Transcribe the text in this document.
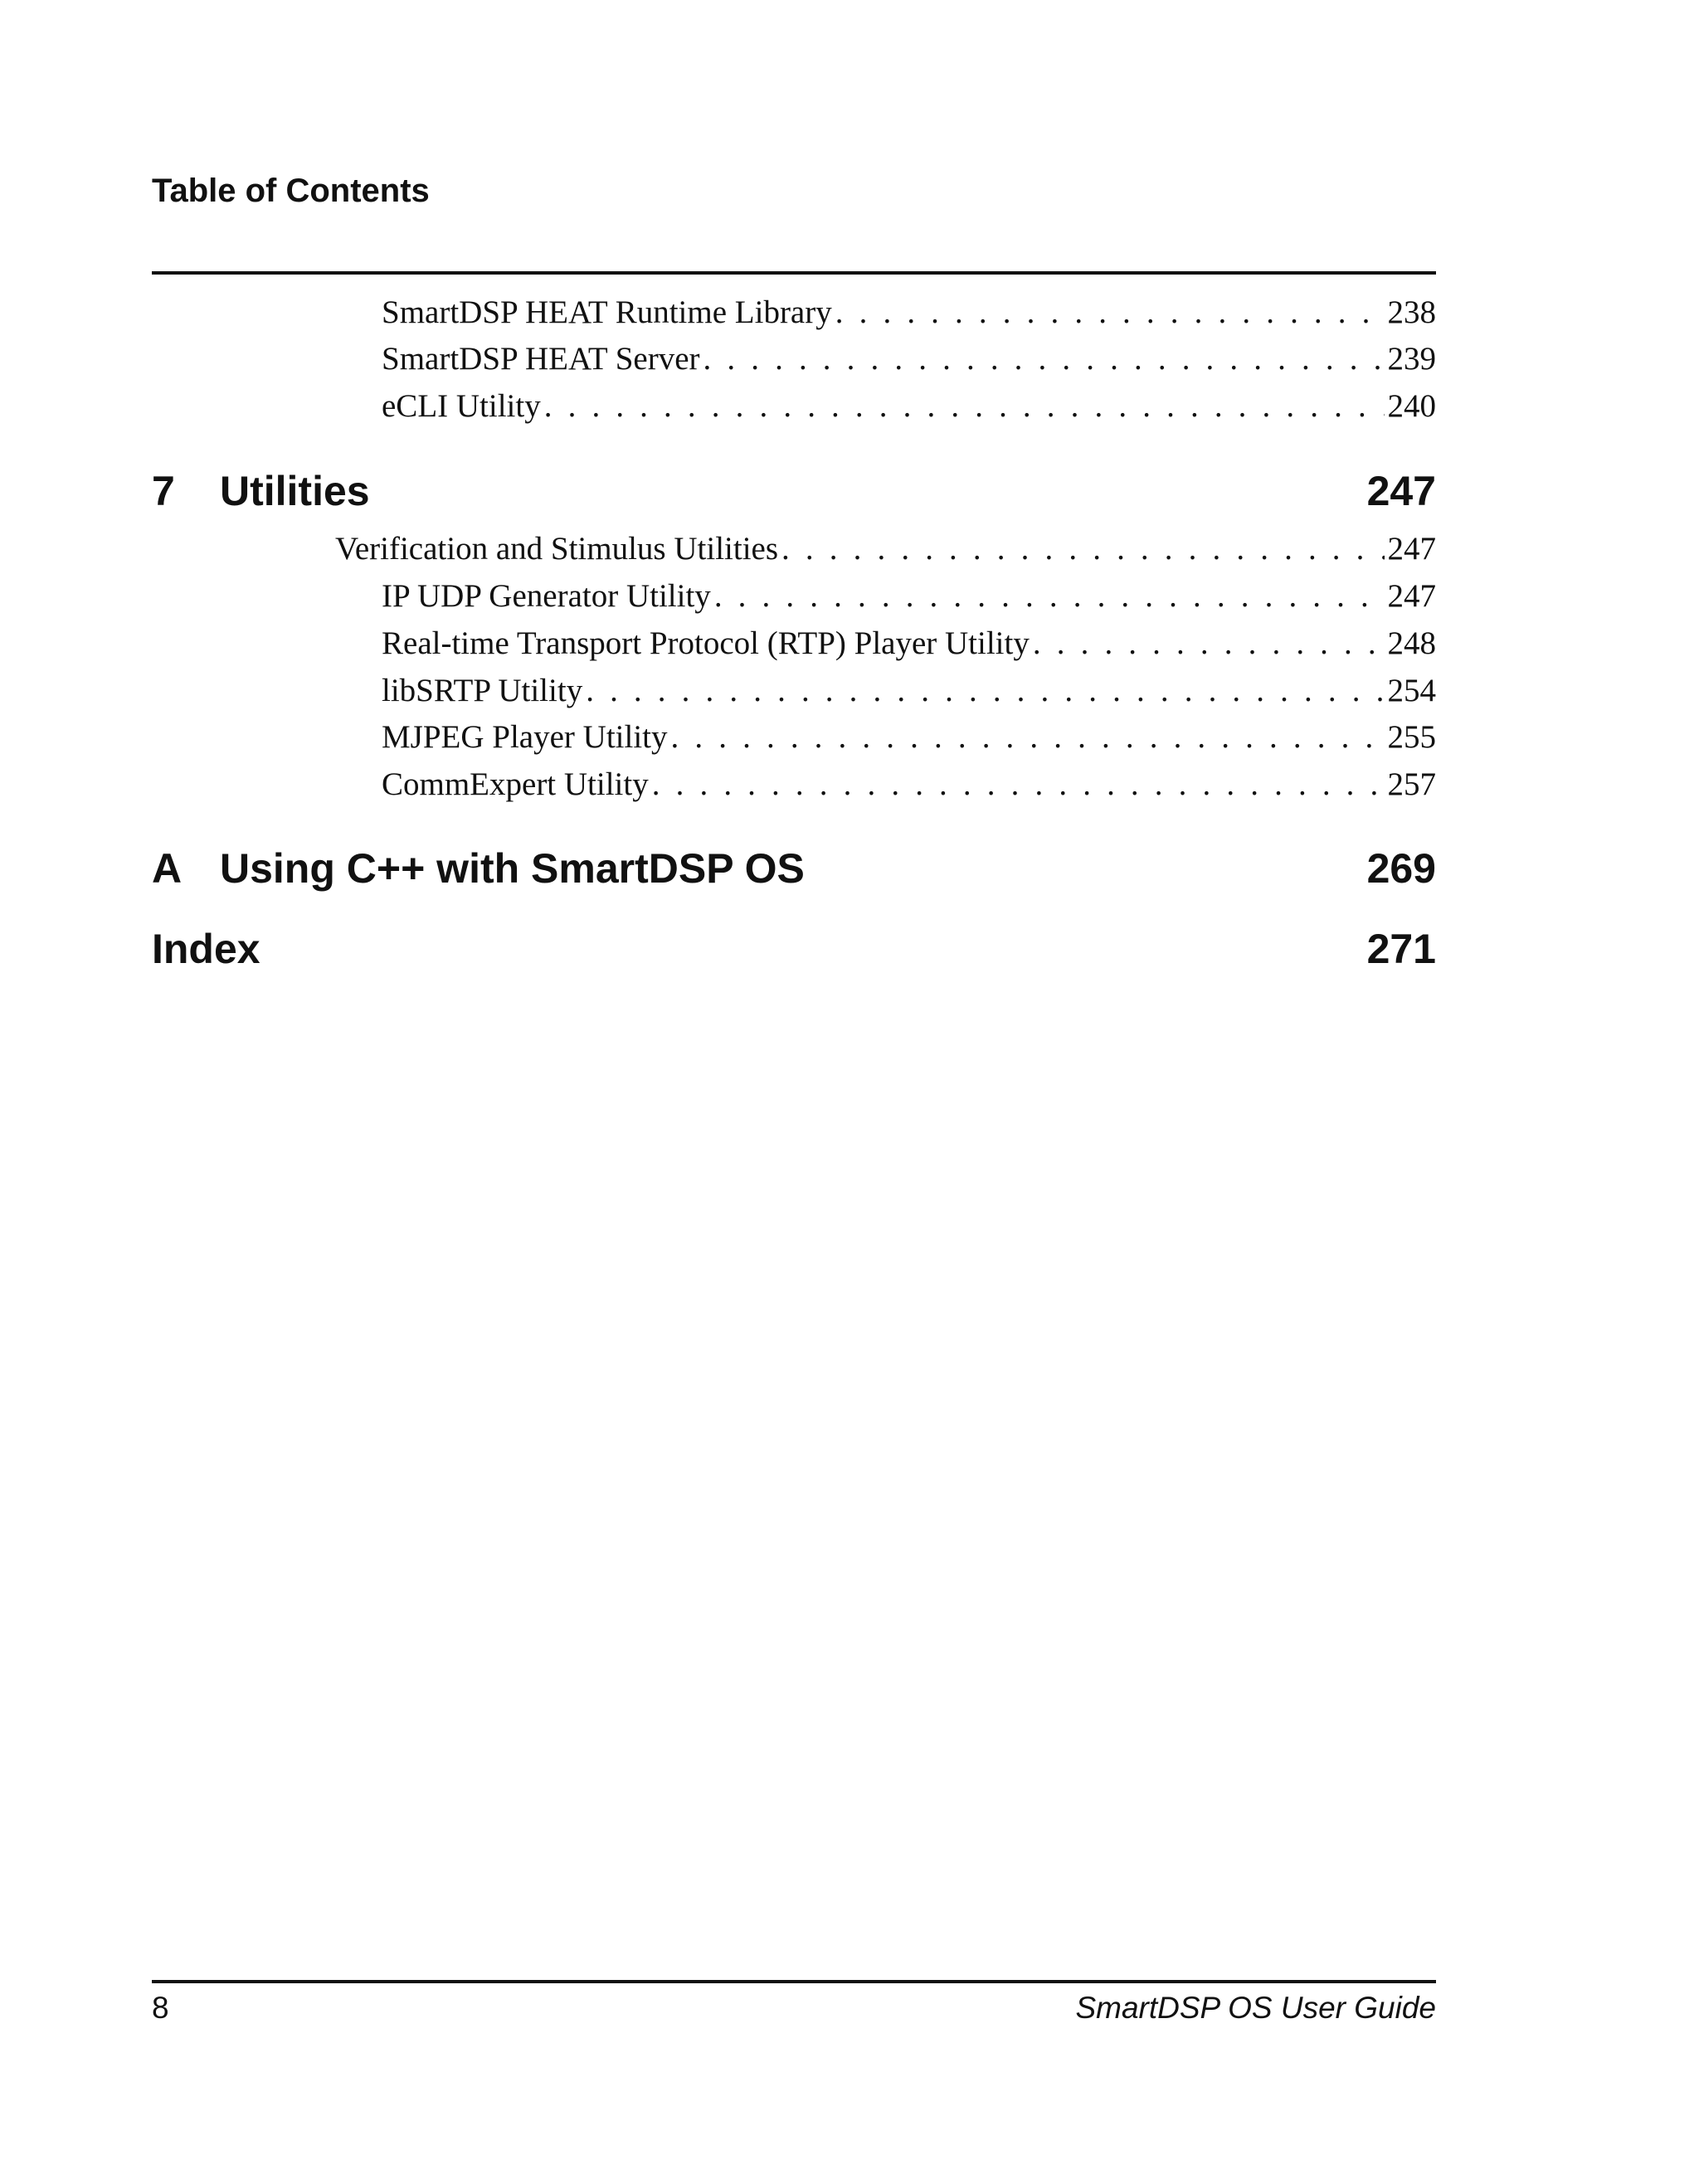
Table of Contents
SmartDSP HEAT Runtime Library . . .	238
SmartDSP HEAT Server . . .	239
eCLI Utility . . .	240
7	Utilities	247
Verification and Stimulus Utilities . . .	247
IP UDP Generator Utility . . .	247
Real-time Transport Protocol (RTP) Player Utility . . .	248
libSRTP Utility . . .	254
MJPEG Player Utility . . .	255
CommExpert Utility . . .	257
A Using C++ with SmartDSP OS	269
Index	271
8	SmartDSP OS User Guide
